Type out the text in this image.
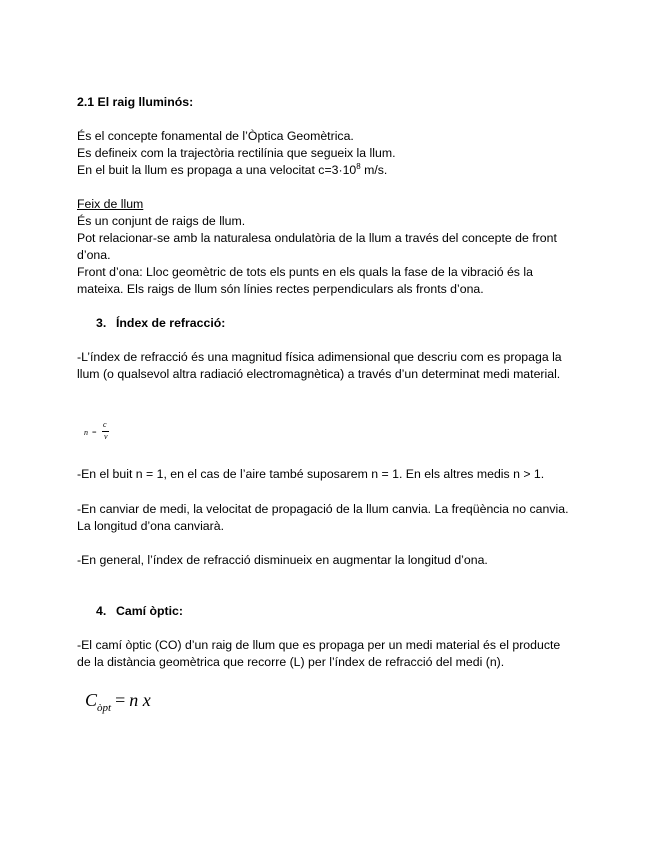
2.1 El raig lluminós:

És el concepte fonamental de l’Òptica Geomètrica.
Es defineix com la trajectòria rectilínia que segueix la llum.
En el buit la llum es propaga a una velocitat $c=3\cdot 10^8$ m/s.

Feix de llum
És un conjunt de raigs de llum.
Pot relacionar-se amb la naturalesa ondulatòria de la llum a través del concepte de front d’ona.
Front d’ona: Lloc geomètric de tots els punts en els quals la fase de la vibració és la mateixa. Els raigs de llum són línies rectes perpendiculars als fronts d’ona.

3. Índex de refracció:

-L’índex de refracció és una magnitud física adimensional que descriu com es propaga la llum (o qualsevol altra radiació electromagnètica) a través d’un determinat medi material.

n =
c
v

-En el buit n = 1, en el cas de l’aire també suposarem n = 1. En els altres medis n > 1.

-En canviar de medi, la velocitat de propagació de la llum canvia. La freqüència no canvia. La longitud d’ona canviarà.

-En general, l’índex de refracció disminueix en augmentar la longitud d’ona.

4. Camí òptic:

-El camí òptic (CO) d’un raig de llum que es propaga per un medi material és el producte de la distància geomètrica que recorre (L) per l’índex de refracció del medi (n).

$C_{òpt} = n$ x
